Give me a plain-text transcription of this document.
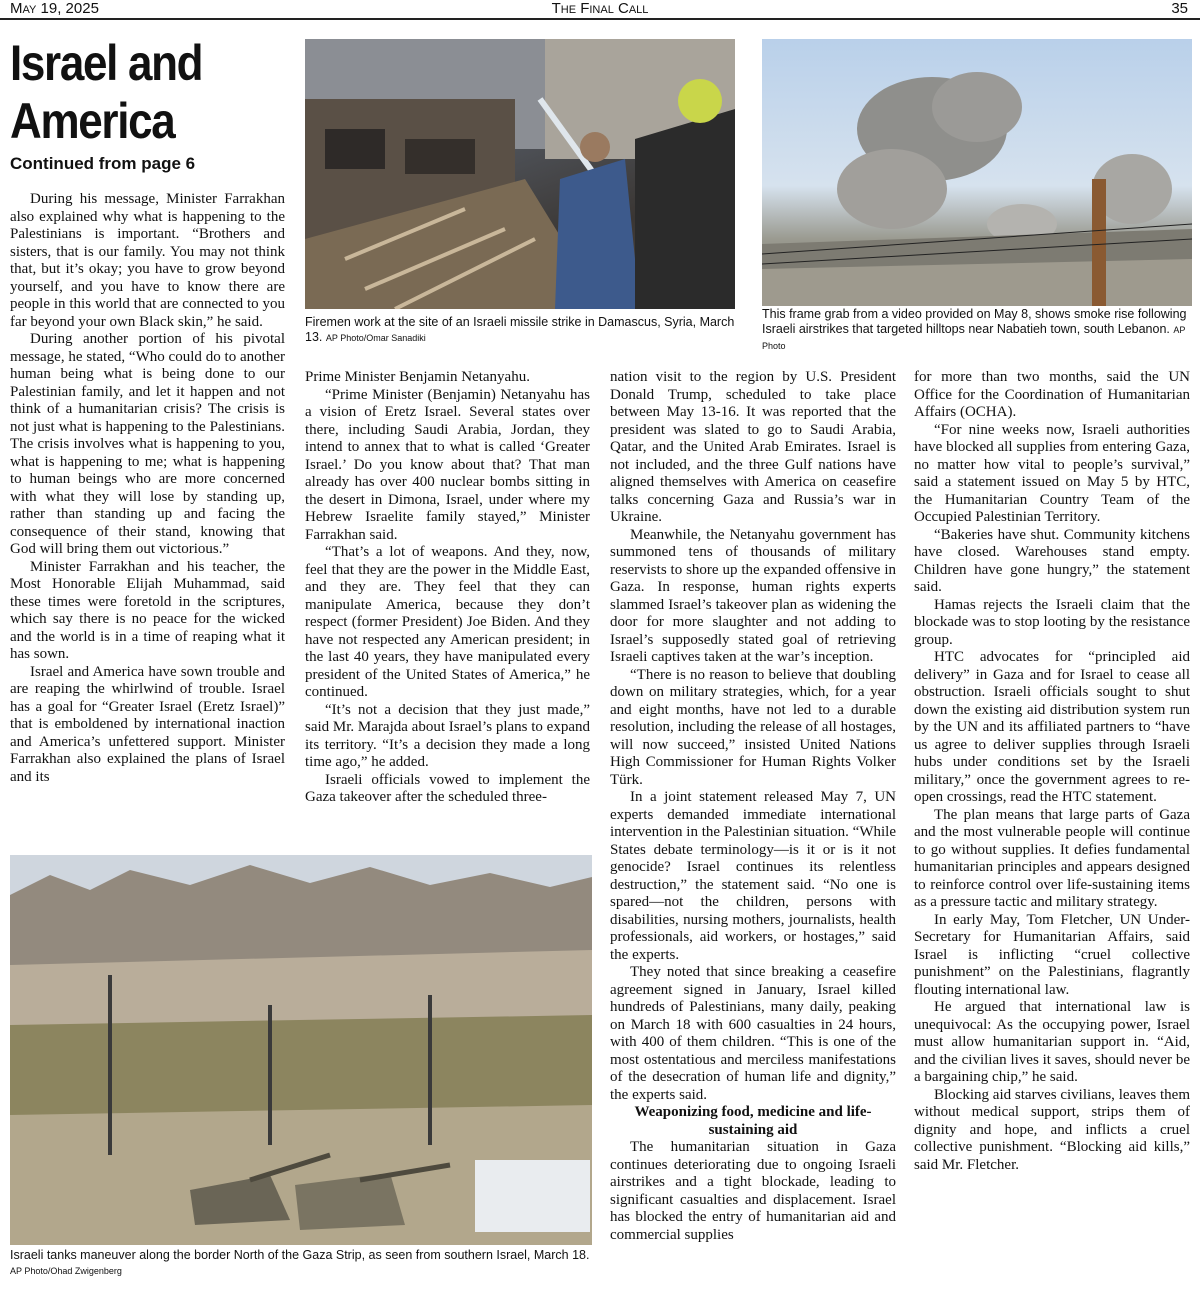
May 19, 2025	The Final Call	35
Israel and America
Continued from page 6
Firemen work at the site of an Israeli missile strike in Damascus, Syria, March 13. AP Photo/Omar Sanadiki
This frame grab from a video provided on May 8, shows smoke rise following Israeli airstrikes that targeted hilltops near Nabatieh town, south Lebanon. AP Photo
Israeli tanks maneuver along the border North of the Gaza Strip, as seen from southern Israel, March 18. AP Photo/Ohad Zwigenberg

During his message, Minister Farrakhan also explained why what is happening to the Palestinians is important. “Brothers and sisters, that is our family. You may not think that, but it’s okay; you have to grow beyond yourself, and you have to know there are people in this world that are connected to you far beyond your own Black skin,” he said.

During another portion of his pivotal message, he stated, “Who could do to another human being what is being done to our Palestinian family, and let it happen and not think of a humanitarian crisis? The crisis is not just what is happening to the Palestinians. The crisis involves what is happening to you, what is happening to me; what is happening to human beings who are more concerned with what they will lose by standing up, rather than standing up and facing the consequence of their stand, knowing that God will bring them out victorious.”

Minister Farrakhan and his teacher, the Most Honorable Elijah Muhammad, said these times were foretold in the scriptures, which say there is no peace for the wicked and the world is in a time of reaping what it has sown.

Israel and America have sown trouble and are reaping the whirlwind of trouble. Israel has a goal for “Greater Israel (Eretz Israel)” that is emboldened by international inaction and America’s unfettered support. Minister Farrakhan also explained the plans of Israel and its

Prime Minister Benjamin Netanyahu.

“Prime Minister (Benjamin) Netanyahu has a vision of Eretz Israel. Several states over there, including Saudi Arabia, Jordan, they intend to annex that to what is called ‘Greater Israel.’ Do you know about that? That man already has over 400 nuclear bombs sitting in the desert in Dimona, Israel, under where my Hebrew Israelite family stayed,” Minister Farrakhan said.

“That’s a lot of weapons. And they, now, feel that they are the power in the Middle East, and they are. They feel that they can manipulate America, because they don’t respect (former President) Joe Biden. And they have not respected any American president; in the last 40 years, they have manipulated every president of the United States of America,” he continued.

“It’s not a decision that they just made,” said Mr. Marajda about Israel’s plans to expand its territory. “It’s a decision they made a long time ago,” he added.

Israeli officials vowed to implement the Gaza takeover after the scheduled three-

nation visit to the region by U.S. President Donald Trump, scheduled to take place between May 13-16. It was reported that the president was slated to go to Saudi Arabia, Qatar, and the United Arab Emirates. Israel is not included, and the three Gulf nations have aligned themselves with America on ceasefire talks concerning Gaza and Russia’s war in Ukraine.

Meanwhile, the Netanyahu government has summoned tens of thousands of military reservists to shore up the expanded offensive in Gaza. In response, human rights experts slammed Israel’s takeover plan as widening the door for more slaughter and not adding to Israel’s supposedly stated goal of retrieving Israeli captives taken at the war’s inception.

“There is no reason to believe that doubling down on military strategies, which, for a year and eight months, have not led to a durable resolution, including the release of all hostages, will now succeed,” insisted United Nations High Commissioner for Human Rights Volker Türk.

In a joint statement released May 7, UN experts demanded immediate international intervention in the Palestinian situation. “While States debate terminology—is it or is it not genocide? Israel continues its relentless destruction,” the statement said. “No one is spared—not the children, persons with disabilities, nursing mothers, journalists, health professionals, aid workers, or hostages,” said the experts.

They noted that since breaking a ceasefire agreement signed in January, Israel killed hundreds of Palestinians, many daily, peaking on March 18 with 600 casualties in 24 hours, with 400 of them children. “This is one of the most ostentatious and merciless manifestations of the desecration of human life and dignity,” the experts said.

Weaponizing food, medicine and life-sustaining aid

The humanitarian situation in Gaza continues deteriorating due to ongoing Israeli airstrikes and a tight blockade, leading to significant casualties and displacement. Israel has blocked the entry of humanitarian aid and commercial supplies

for more than two months, said the UN Office for the Coordination of Humanitarian Affairs (OCHA).

“For nine weeks now, Israeli authorities have blocked all supplies from entering Gaza, no matter how vital to people’s survival,” said a statement issued on May 5 by HTC, the Humanitarian Country Team of the Occupied Palestinian Territory.

“Bakeries have shut. Community kitchens have closed. Warehouses stand empty. Children have gone hungry,” the statement said.

Hamas rejects the Israeli claim that the blockade was to stop looting by the resistance group.

HTC advocates for “principled aid delivery” in Gaza and for Israel to cease all obstruction. Israeli officials sought to shut down the existing aid distribution system run by the UN and its affiliated partners to “have us agree to deliver supplies through Israeli hubs under conditions set by the Israeli military,” once the government agrees to re-open crossings, read the HTC statement.

The plan means that large parts of Gaza and the most vulnerable people will continue to go without supplies. It defies fundamental humanitarian principles and appears designed to reinforce control over life-sustaining items as a pressure tactic and military strategy.

In early May, Tom Fletcher, UN Under-Secretary for Humanitarian Affairs, said Israel is inflicting “cruel collective punishment” on the Palestinians, flagrantly flouting international law.

He argued that international law is unequivocal: As the occupying power, Israel must allow humanitarian support in. “Aid, and the civilian lives it saves, should never be a bargaining chip,” he said.

Blocking aid starves civilians, leaves them without medical support, strips them of dignity and hope, and inflicts a cruel collective punishment. “Blocking aid kills,” said Mr. Fletcher.
